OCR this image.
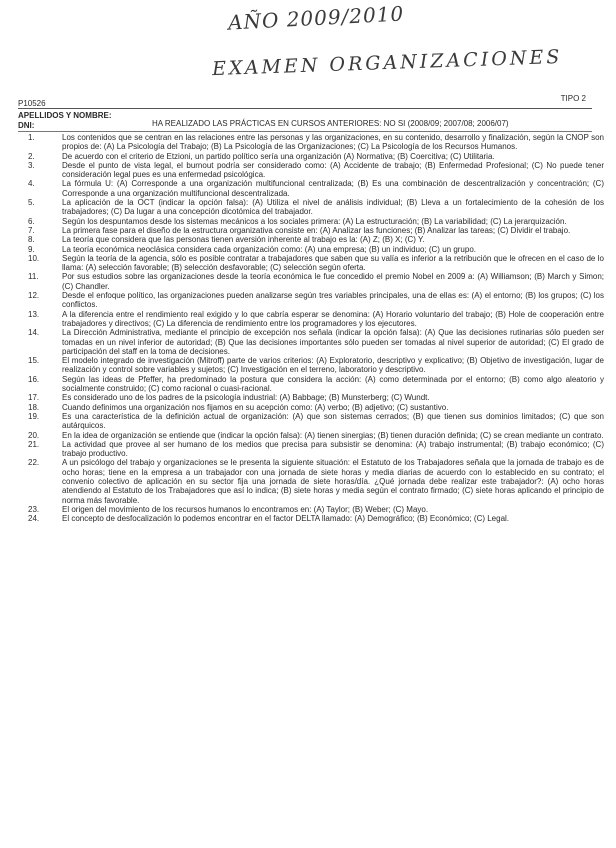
AÑO 2009/2010
EXAMEN ORGANIZACIONES
P10526
TIPO 2
APELLIDOS Y NOMBRE:
DNI:	HA REALIZADO LAS PRÁCTICAS EN CURSOS ANTERIORES: NO SI (2008/09; 2007/08; 2006/07)
1.	Los contenidos que se centran en las relaciones entre las personas y las organizaciones, en su contenido, desarrollo y finalización, según la CNOP son propios de: (A) La Psicología del Trabajo; (B) La Psicología de las Organizaciones; (C) La Psicología de los Recursos Humanos.
2.	De acuerdo con el criterio de Etzioni, un partido político sería una organización (A) Normativa; (B) Coercitiva; (C) Utilitaria.
3.	Desde el punto de vista legal, el burnout podría ser considerado como: (A) Accidente de trabajo; (B) Enfermedad Profesional; (C) No puede tener consideración legal pues es una enfermedad psicológica.
4.	La fórmula U: (A) Corresponde a una organización multifuncional centralizada; (B) Es una combinación de descentralización y concentración; (C) Corresponde a una organización multifuncional descentralizada.
5.	La aplicación de la OCT (indicar la opción falsa): (A) Utiliza el nivel de análisis individual; (B) Lleva a un fortalecimiento de la cohesión de los trabajadores; (C) Da lugar a una concepción dicotómica del trabajador.
6.	Según los despuntamos desde los sistemas mecánicos a los sociales primera: (A) La estructuración; (B) La variabilidad; (C) La jerarquización.
7.	La primera fase para el diseño de la estructura organizativa consiste en: (A) Analizar las funciones; (B) Analizar las tareas; (C) Dividir el trabajo.
8.	La teoría que considera que las personas tienen aversión inherente al trabajo es la: (A) Z; (B) X; (C) Y.
9.	La teoría económica neoclásica considera cada organización como: (A) una empresa; (B) un individuo; (C) un grupo.
10.	Según la teoría de la agencia, sólo es posible contratar a trabajadores que saben que su valía es inferior a la retribución que le ofrecen en el caso de lo llama: (A) selección favorable; (B) selección desfavorable; (C) selección según oferta.
11.	Por sus estudios sobre las organizaciones desde la teoría económica le fue concedido el premio Nobel en 2009 a: (A) Williamson; (B) March y Simon; (C) Chandler.
12.	Desde el enfoque político, las organizaciones pueden analizarse según tres variables principales, una de ellas es: (A) el entorno; (B) los grupos; (C) los conflictos.
13.	A la diferencia entre el rendimiento real exigido y lo que cabría esperar se denomina: (A) Horario voluntario del trabajo; (B) Hole de cooperación entre trabajadores y directivos; (C) La diferencia de rendimiento entre los programadores y los ejecutores.
14.	La Dirección Administrativa, mediante el principio de excepción nos señala (indicar la opción falsa): (A) Que las decisiones rutinarias sólo pueden ser tomadas en un nivel inferior de autoridad; (B) Que las decisiones importantes sólo pueden ser tomadas al nivel superior de autoridad; (C) El grado de participación del staff en la toma de decisiones.
15.	El modelo integrado de investigación (Mitroff) parte de varios criterios: (A) Exploratorio, descriptivo y explicativo; (B) Objetivo de investigación, lugar de realización y control sobre variables y sujetos; (C) Investigación en el terreno, laboratorio y descriptivo.
16.	Según las ideas de Pfeffer, ha predominado la postura que considera la acción: (A) como determinada por el entorno; (B) como algo aleatorio y socialmente construido; (C) como racional o cuasi-racional.
17.	Es considerado uno de los padres de la psicología industrial: (A) Babbage; (B) Munsterberg; (C) Wundt.
18.	Cuando definimos una organización nos fijamos en su acepción como: (A) verbo; (B) adjetivo; (C) sustantivo.
19.	Es una característica de la definición actual de organización: (A) que son sistemas cerrados; (B) que tienen sus dominios limitados; (C) que son autárquicos.
20.	En la idea de organización se entiende que (indicar la opción falsa): (A) tienen sinergias; (B) tienen duración definida; (C) se crean mediante un contrato.
21.	La actividad que provee al ser humano de los medios que precisa para subsistir se denomina: (A) trabajo instrumental; (B) trabajo económico; (C) trabajo productivo.
22.	A un psicólogo del trabajo y organizaciones se le presenta la siguiente situación: el Estatuto de los Trabajadores señala que la jornada de trabajo es de ocho horas; tiene en la empresa a un trabajador con una jornada de siete horas y media diarias de acuerdo con lo establecido en su contrato; el convenio colectivo de aplicación en su sector fija una jornada de siete horas/día. ¿Qué jornada debe realizar este trabajador?: (A) ocho horas atendiendo al Estatuto de los Trabajadores que así lo indica; (B) siete horas y media según el contrato firmado; (C) siete horas aplicando el principio de norma más favorable.
23.	El origen del movimiento de los recursos humanos lo encontramos en: (A) Taylor; (B) Weber; (C) Mayo.
24.	El concepto de desfocalización lo podemos encontrar en el factor DELTA llamado: (A) Demográfico; (B) Económico; (C) Legal.
